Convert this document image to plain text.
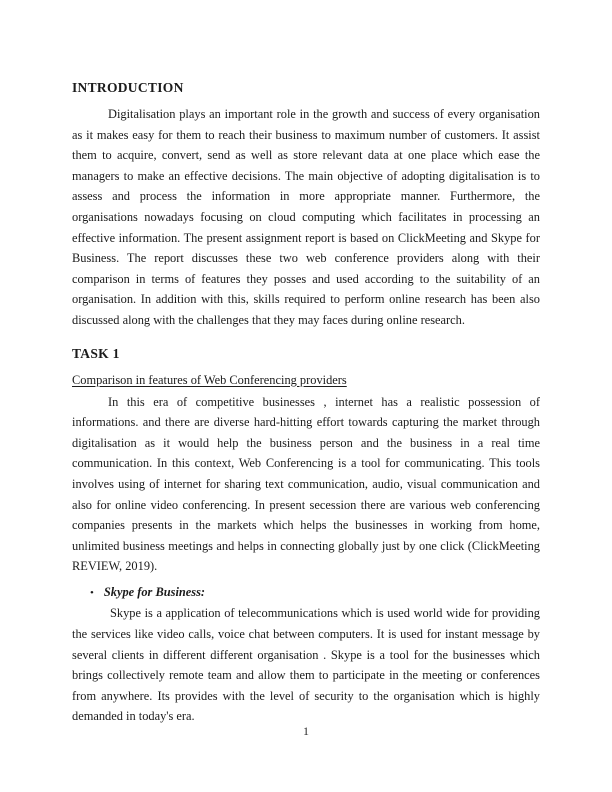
INTRODUCTION

Digitalisation plays an important role in the growth and success of every organisation as it makes easy for them to reach their business to maximum number of customers. It assist them to acquire, convert, send as well as store relevant data at one place which ease the managers to make an effective decisions. The main objective of adopting digitalisation is to assess and process the information in more appropriate manner. Furthermore, the organisations nowadays focusing on cloud computing which facilitates in processing an effective information. The present assignment report is based on ClickMeeting and Skype for Business. The report discusses these two web conference providers along with their comparison in terms of features they posses and used according to the suitability of an organisation. In addition with this, skills required to perform online research has been also discussed along with the challenges that they may faces during online research.

TASK 1
Comparison in features of Web Conferencing providers

In this era of competitive businesses , internet has a realistic possession of informations. and there are diverse hard-hitting effort towards capturing the market through digitalisation as it would help the business person and the business in a real time communication. In this context, Web Conferencing is a tool for communicating. This tools involves using of internet for sharing text communication, audio, visual communication and also for online video conferencing. In present secession there are various web conferencing companies presents in the markets which helps the businesses in working from home, unlimited business meetings and helps in connecting globally just by one click (ClickMeeting REVIEW, 2019).

• Skype for Business:

Skype is a application of telecommunications which is used world wide for providing the services like video calls, voice chat between computers. It is used for instant message by several clients in different different organisation . Skype is a tool for the businesses which brings collectively remote team and allow them to participate in the meeting or conferences from anywhere. Its provides with the level of security to the organisation which is highly demanded in today's era.

1
